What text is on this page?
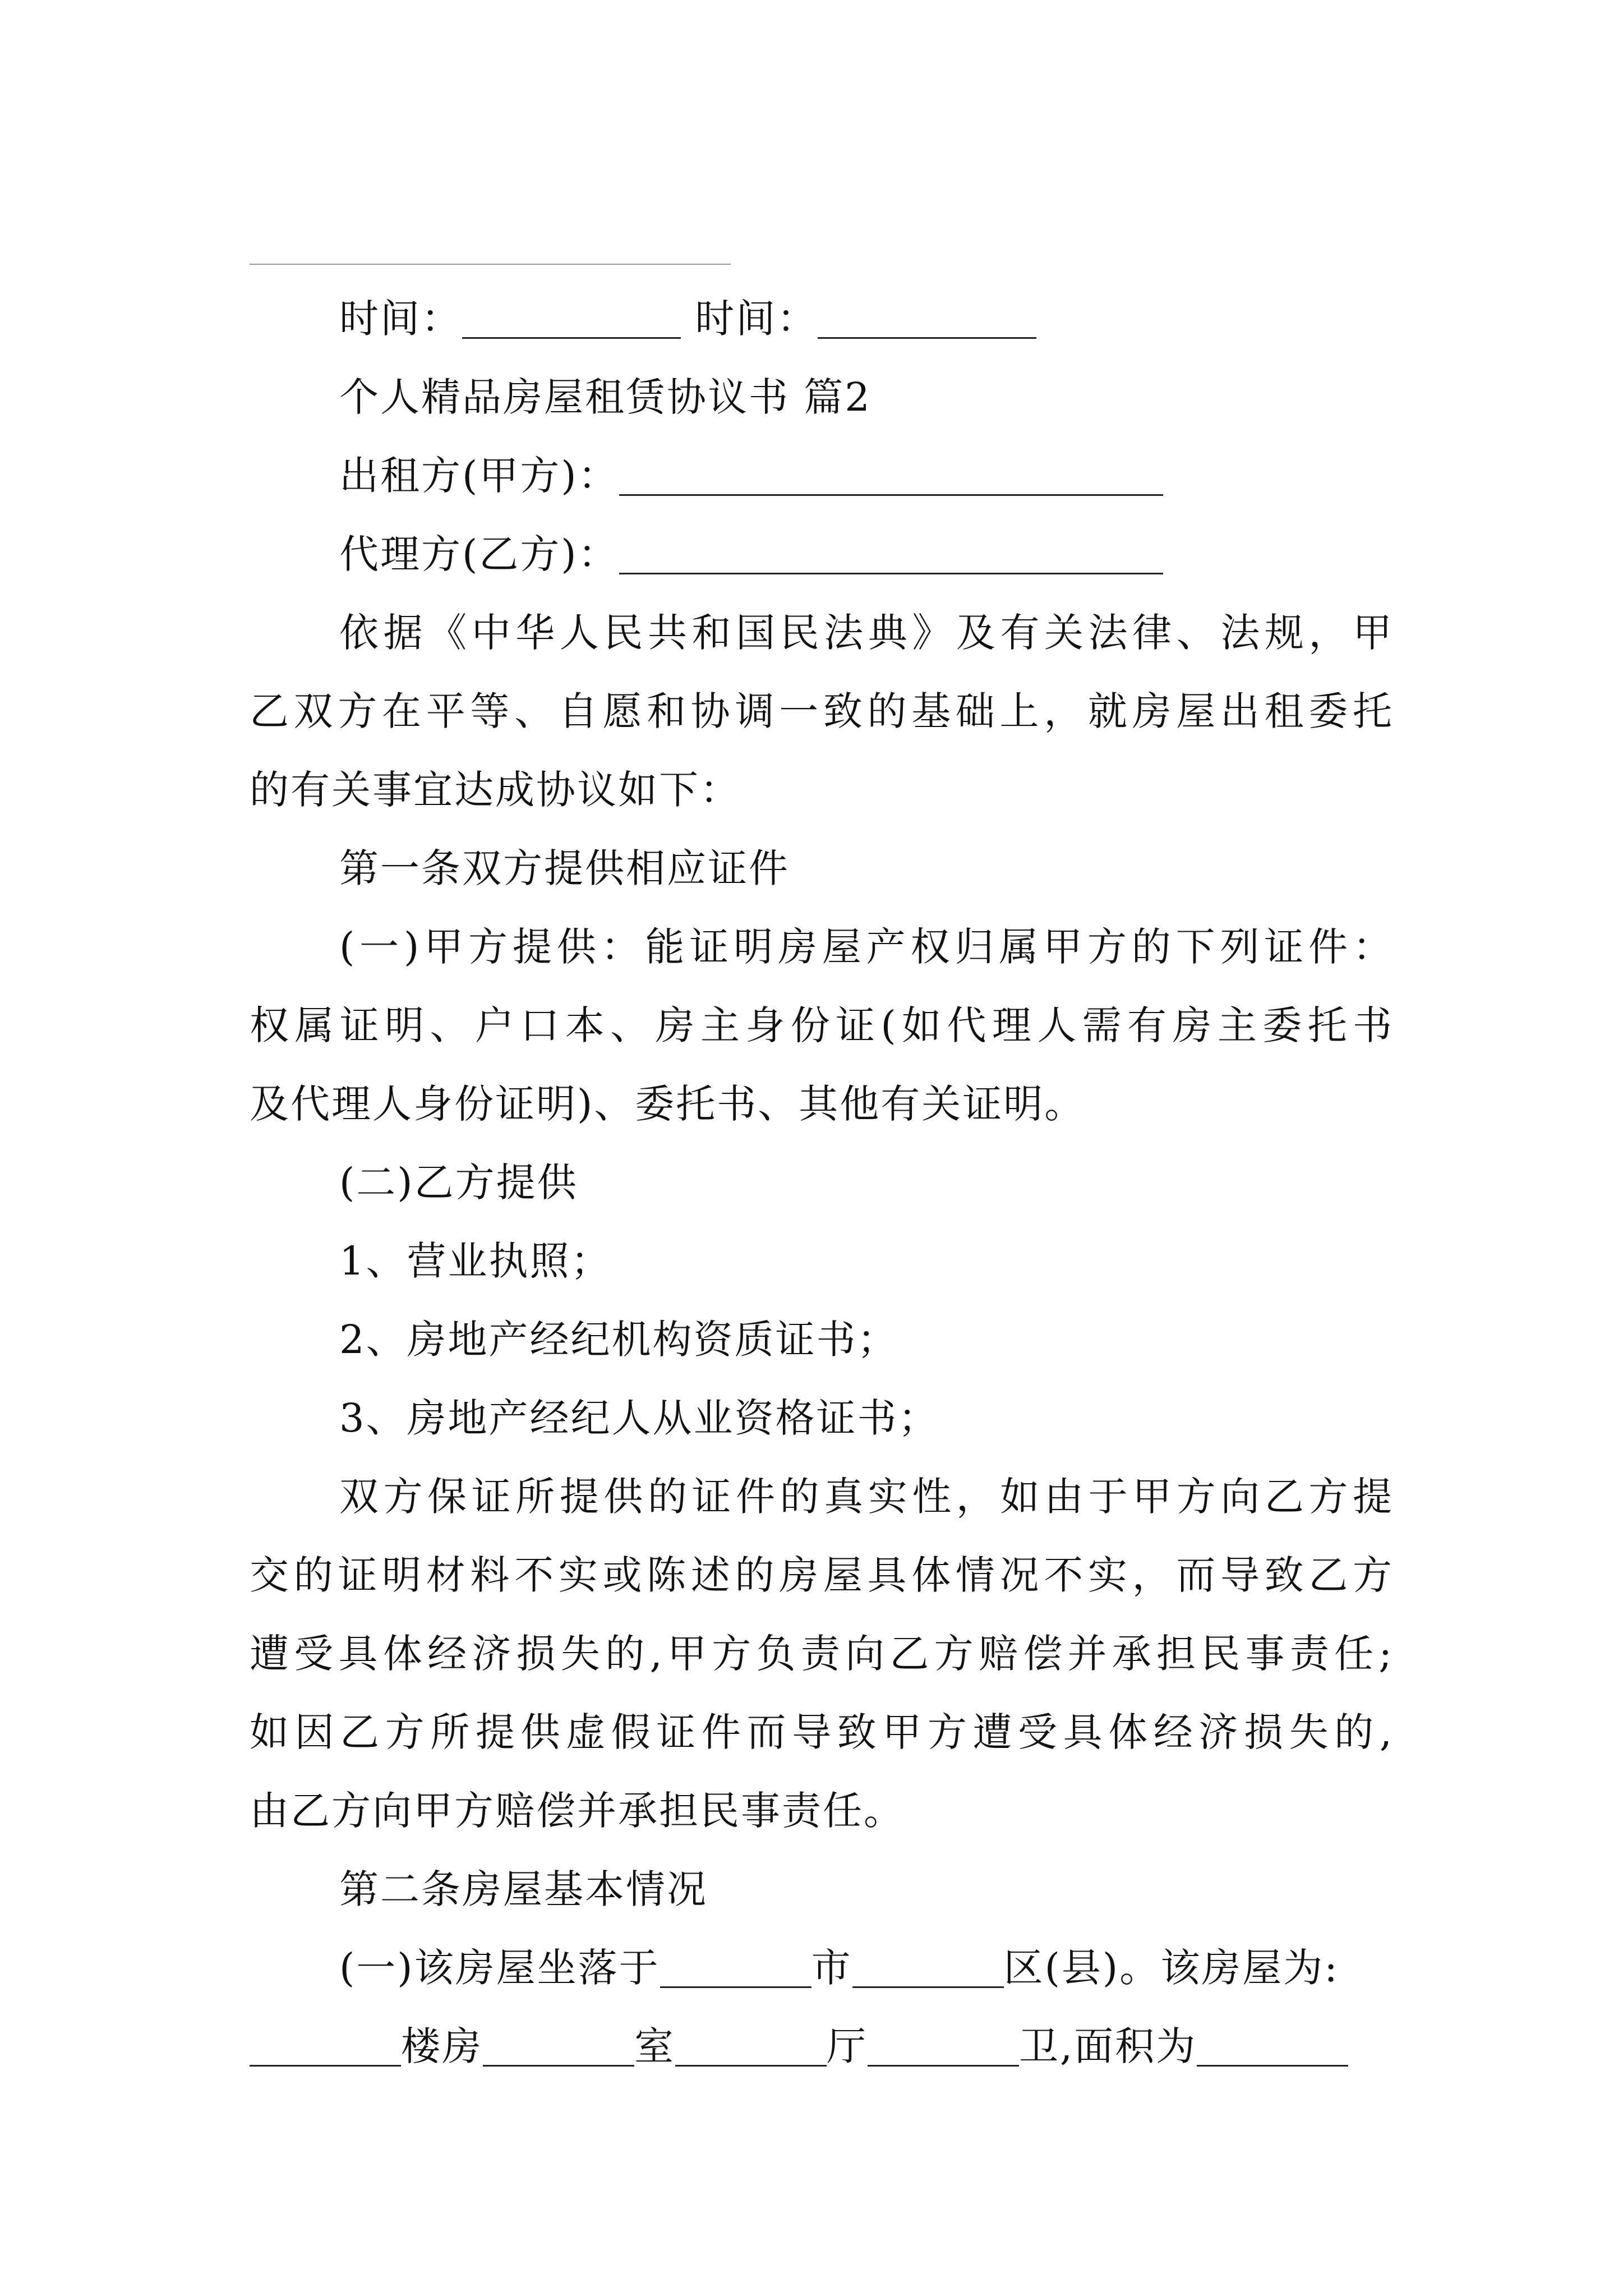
时间：	时间：
个人精品房屋租赁协议书 篇2
出租方(甲方)：
代理方(乙方)：
依据《中华人民共和国民法典》及有关法律、法规，甲
乙双方在平等、自愿和协调一致的基础上，就房屋出租委托
的有关事宜达成协议如下：
第一条双方提供相应证件
(一)甲方提供：能证明房屋产权归属甲方的下列证件：
权属证明、户口本、房主身份证(如代理人需有房主委托书
及代理人身份证明)、委托书、其他有关证明。
(二)乙方提供
1、营业执照；
2、房地产经纪机构资质证书；
3、房地产经纪人从业资格证书；
双方保证所提供的证件的真实性，如由于甲方向乙方提
交的证明材料不实或陈述的房屋具体情况不实，而导致乙方
遭受具体经济损失的,甲方负责向乙方赔偿并承担民事责任;
如因乙方所提供虚假证件而导致甲方遭受具体经济损失的,
由乙方向甲方赔偿并承担民事责任。
第二条房屋基本情况
(一)该房屋坐落于	市	区(县)。该房屋为:
楼房	室	厅	卫,面积为
